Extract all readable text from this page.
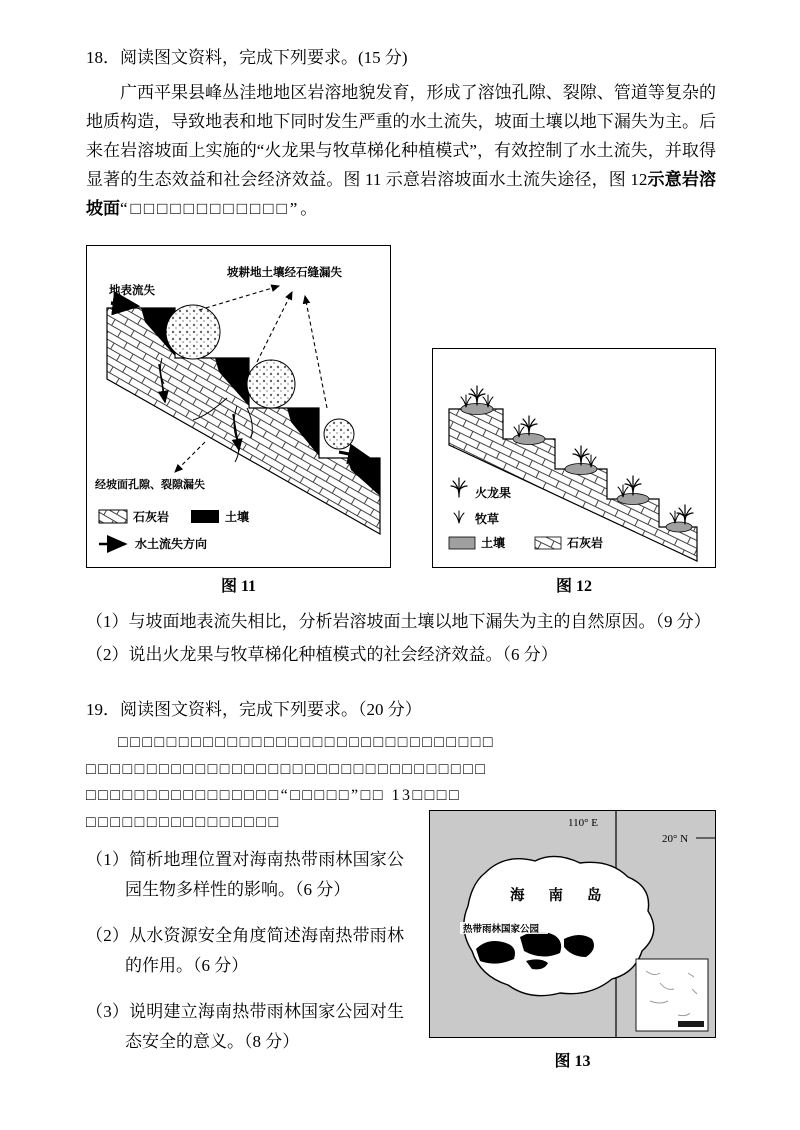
18．阅读图文资料，完成下列要求。(15 分)

广西平果县峰丛洼地地区岩溶地貌发育，形成了溶蚀孔隙、裂隙、管道等复杂的地质构造，导致地表和地下同时发生严重的水土流失，坡面土壤以地下漏失为主。后来在岩溶坡面上实施的“火龙果与牧草梯化种植模式”，有效控制了水土流失，并取得显著的生态效益和社会经济效益。图 11 示意岩溶坡面水土流失途径，图 12示意岩溶坡面“□□□□□□□□□□□□”。

地表流失
坡耕地土壤经石缝漏失
经坡面孔隙、裂隙漏失
石灰岩	土壤
水土流失方向
火龙果
牧草
土壤	石灰岩
图 11	图 12

（1）与坡面地表流失相比，分析岩溶坡面土壤以地下漏失为主的自然原因。（9 分）

（2）说出火龙果与牧草梯化种植模式的社会经济效益。（6 分）

19．阅读图文资料，完成下列要求。（20 分）
□□□□□□□□□□□□□□□□□□□□□□□□□□□□□□□
□□□□□□□□□□□□□□□□□□□□□□□□□□□□□□□□□
□□□□□□□□□□□□□□□□“□□□□□”□□ 13□□□□
□□□□□□□□□□□□□□□□

（1）简析地理位置对海南热带雨林国家公园生物多样性的影响。（6 分）

（2）从水资源安全角度简述海南热带雨林的作用。（6 分）

（3）说明建立海南热带雨林国家公园对生态安全的意义。（8 分）

110° E
20° N
海南岛
热带雨林国家公园
图 13
